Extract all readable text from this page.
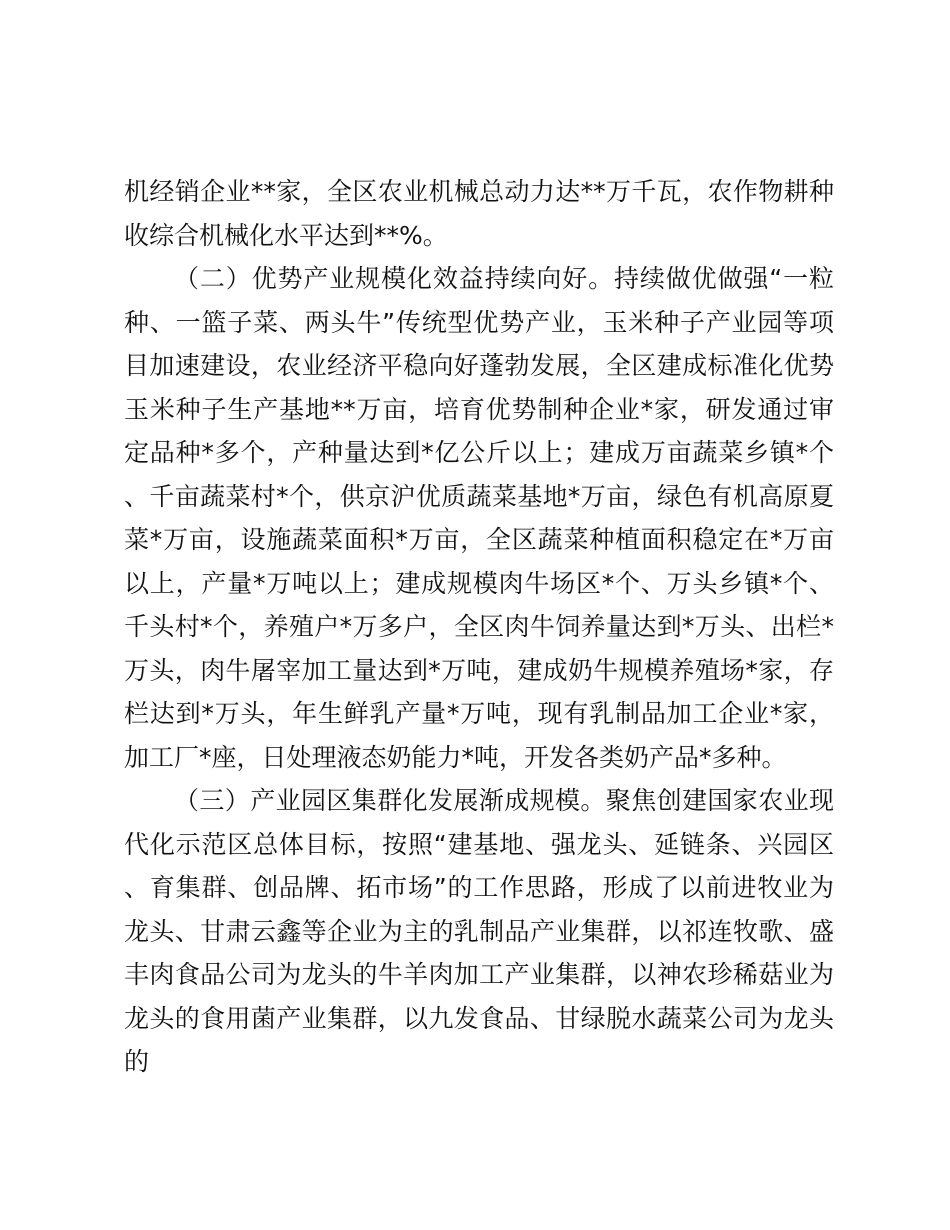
机经销企业**家，全区农业机械总动力达**万千瓦，农作物耕种收综合机械化水平达到**%。

（二）优势产业规模化效益持续向好。持续做优做强“一粒种、一篮子菜、两头牛”传统型优势产业，玉米种子产业园等项目加速建设，农业经济平稳向好蓬勃发展，全区建成标准化优势玉米种子生产基地**万亩，培育优势制种企业*家，研发通过审定品种*多个，产种量达到*亿公斤以上；建成万亩蔬菜乡镇*个、千亩蔬菜村*个，供京沪优质蔬菜基地*万亩，绿色有机高原夏菜*万亩，设施蔬菜面积*万亩，全区蔬菜种植面积稳定在*万亩以上，产量*万吨以上；建成规模肉牛场区*个、万头乡镇*个、千头村*个，养殖户*万多户，全区肉牛饲养量达到*万头、出栏*万头，肉牛屠宰加工量达到*万吨，建成奶牛规模养殖场*家，存栏达到*万头，年生鲜乳产量*万吨，现有乳制品加工企业*家，加工厂*座，日处理液态奶能力*吨，开发各类奶产品*多种。

（三）产业园区集群化发展渐成规模。聚焦创建国家农业现代化示范区总体目标，按照“建基地、强龙头、延链条、兴园区、育集群、创品牌、拓市场”的工作思路，形成了以前进牧业为龙头、甘肃云鑫等企业为主的乳制品产业集群，以祁连牧歌、盛丰肉食品公司为龙头的牛羊肉加工产业集群，以神农珍稀菇业为龙头的食用菌产业集群，以九发食品、甘绿脱水蔬菜公司为龙头的
